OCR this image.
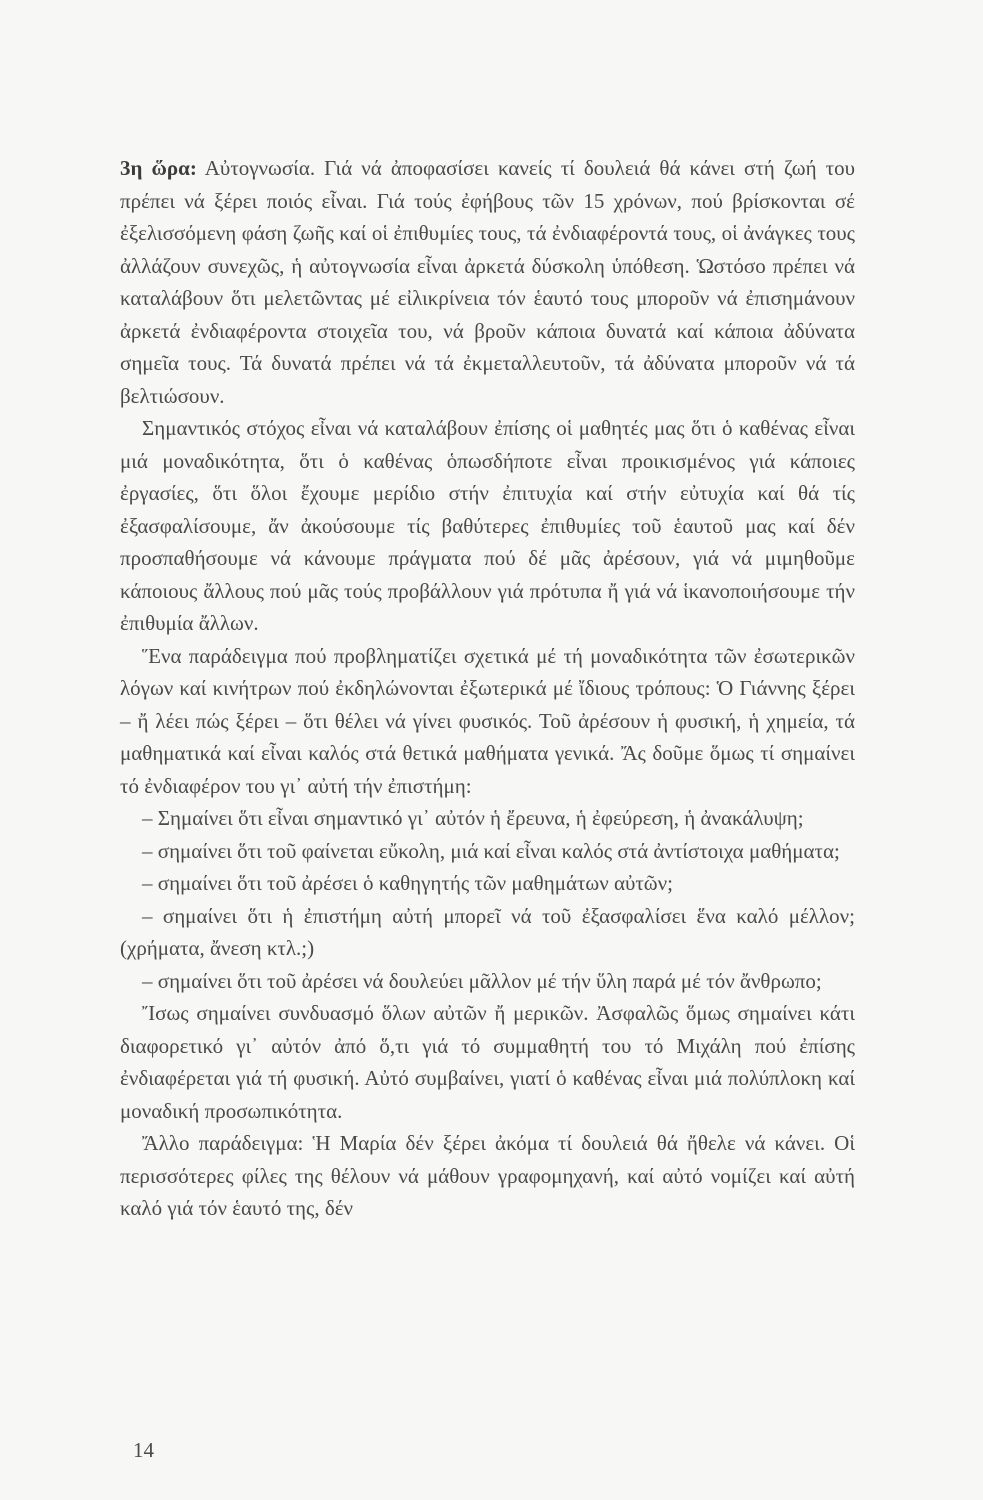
3η ὥρα: Αὐτογνωσία. Γιά νά ἀποφασίσει κανείς τί δουλειά θά κάνει στή ζωή του πρέπει νά ξέρει ποιός εἶναι. Γιά τούς ἐφήβους τῶν 15 χρόνων, πού βρίσκονται σέ ἐξελισσόμενη φάση ζωῆς καί οἱ ἐπιθυμίες τους, τά ἐνδιαφέροντά τους, οἱ ἀνάγκες τους ἀλλάζουν συνεχῶς, ἡ αὐτογνωσία εἶναι ἀρκετά δύσκολη ὑπόθεση. Ὡστόσο πρέπει νά καταλάβουν ὅτι μελετῶντας μέ εἰλικρίνεια τόν ἑαυτό τους μποροῦν νά ἐπισημάνουν ἀρκετά ἐνδιαφέροντα στοιχεῖα του, νά βροῦν κάποια δυνατά καί κάποια ἀδύνατα σημεῖα τους. Τά δυνατά πρέπει νά τά ἐκμεταλλευτοῦν, τά ἀδύνατα μποροῦν νά τά βελτιώσουν.

Σημαντικός στόχος εἶναι νά καταλάβουν ἐπίσης οἱ μαθητές μας ὅτι ὁ καθένας εἶναι μιά μοναδικότητα, ὅτι ὁ καθένας ὁπωσδήποτε εἶναι προικισμένος γιά κάποιες ἐργασίες, ὅτι ὅλοι ἔχουμε μερίδιο στήν ἐπιτυχία καί στήν εὐτυχία καί θά τίς ἐξασφαλίσουμε, ἄν ἀκούσουμε τίς βαθύτερες ἐπιθυμίες τοῦ ἑαυτοῦ μας καί δέν προσπαθήσουμε νά κάνουμε πράγματα πού δέ μᾶς ἀρέσουν, γιά νά μιμηθοῦμε κάποιους ἄλλους πού μᾶς τούς προβάλλουν γιά πρότυπα ἤ γιά νά ἱκανοποιήσουμε τήν ἐπιθυμία ἄλλων.

Ἕνα παράδειγμα πού προβληματίζει σχετικά μέ τή μοναδικότητα τῶν ἐσωτερικῶν λόγων καί κινήτρων πού ἐκδηλώνονται ἐξωτερικά μέ ἴδιους τρόπους: Ὁ Γιάννης ξέρει – ἤ λέει πώς ξέρει – ὅτι θέλει νά γίνει φυσικός. Τοῦ ἀρέσουν ἡ φυσική, ἡ χημεία, τά μαθηματικά καί εἶναι καλός στά θετικά μαθήματα γενικά. Ἄς δοῦμε ὅμως τί σημαίνει τό ἐνδιαφέρον του γι᾽ αὐτή τήν ἐπιστήμη:

– Σημαίνει ὅτι εἶναι σημαντικό γι᾽ αὐτόν ἡ ἔρευνα, ἡ ἐφεύρεση, ἡ ἀνακάλυψη;

– σημαίνει ὅτι τοῦ φαίνεται εὔκολη, μιά καί εἶναι καλός στά ἀντίστοιχα μαθήματα;

– σημαίνει ὅτι τοῦ ἀρέσει ὁ καθηγητής τῶν μαθημάτων αὐτῶν;

– σημαίνει ὅτι ἡ ἐπιστήμη αὐτή μπορεῖ νά τοῦ ἐξασφαλίσει ἕνα καλό μέλλον; (χρήματα, ἄνεση κτλ.;)

– σημαίνει ὅτι τοῦ ἀρέσει νά δουλεύει μᾶλλον μέ τήν ὕλη παρά μέ τόν ἄνθρωπο;

Ἴσως σημαίνει συνδυασμό ὅλων αὐτῶν ἤ μερικῶν. Ἀσφαλῶς ὅμως σημαίνει κάτι διαφορετικό γι᾽ αὐτόν ἀπό ὅ,τι γιά τό συμμαθητή του τό Μιχάλη πού ἐπίσης ἐνδιαφέρεται γιά τή φυσική. Αὐτό συμβαίνει, γιατί ὁ καθένας εἶναι μιά πολύπλοκη καί μοναδική προσωπικότητα.

Ἄλλο παράδειγμα: Ἡ Μαρία δέν ξέρει ἀκόμα τί δουλειά θά ἤθελε νά κάνει. Οἱ περισσότερες φίλες της θέλουν νά μάθουν γραφομηχανή, καί αὐτό νομίζει καί αὐτή καλό γιά τόν ἑαυτό της, δέν

14
